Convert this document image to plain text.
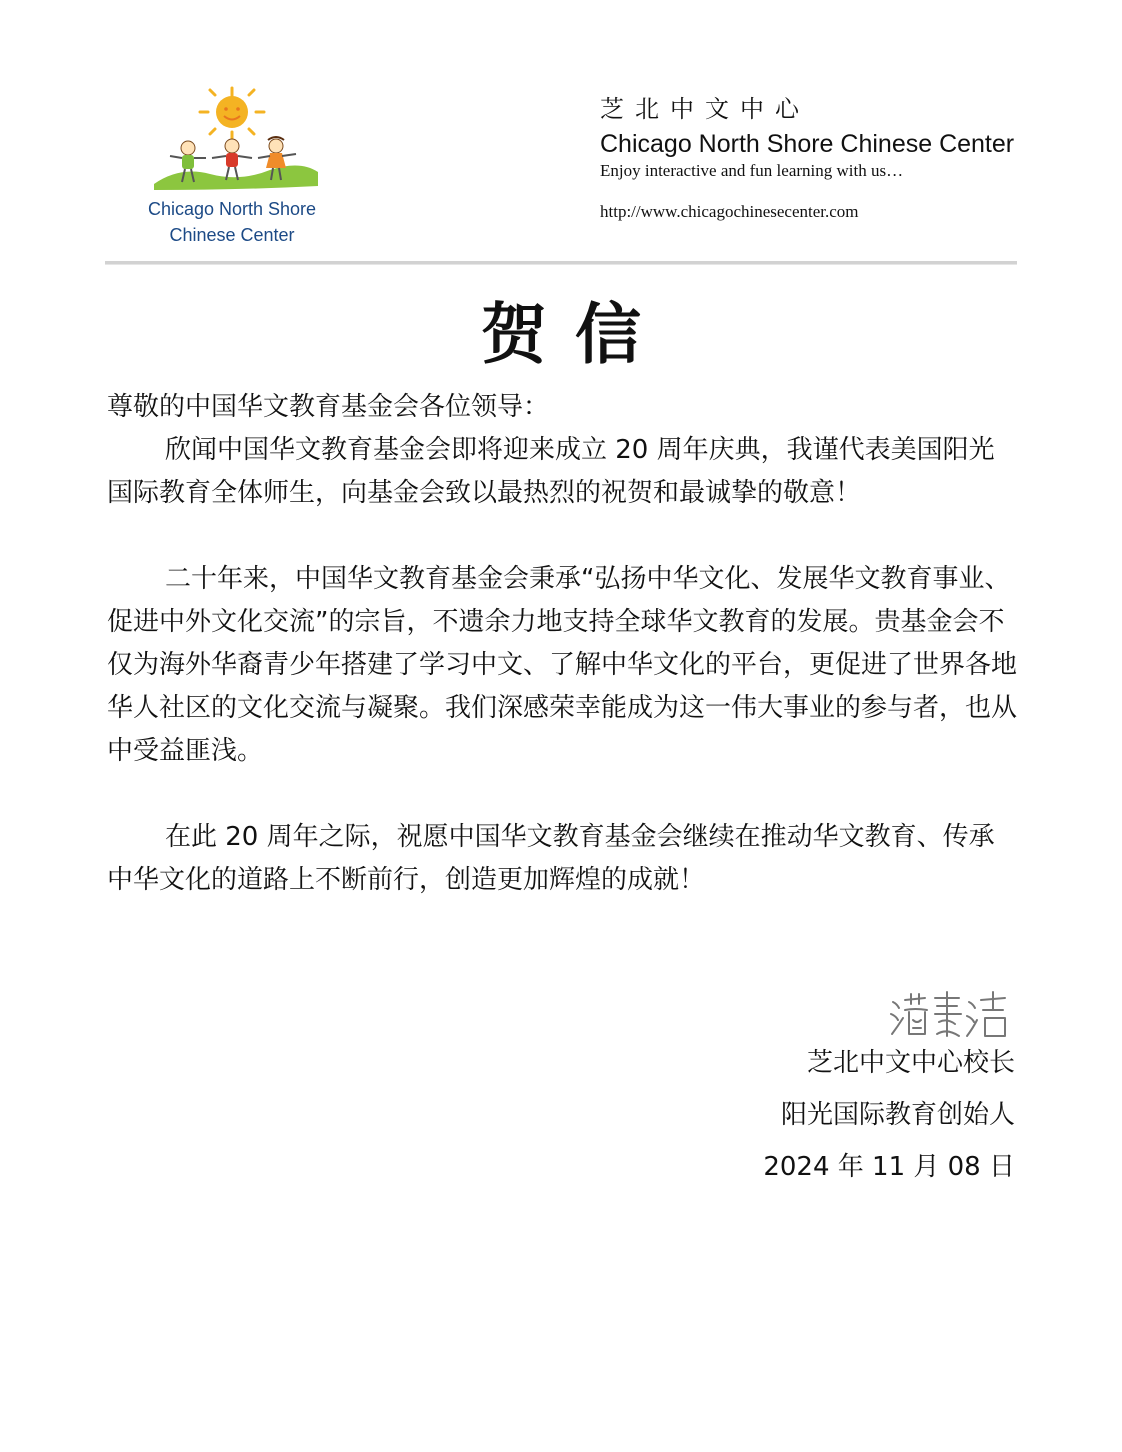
Chicago North Shore
Chinese Center
芝北中文中心
Chicago North Shore Chinese Center
Enjoy interactive and fun learning with us…
http://www.chicagochinesecenter.com
贺信

尊敬的中国华文教育基金会各位领导：

欣闻中国华文教育基金会即将迎来成立 20 周年庆典，我谨代表美国阳光国际教育全体师生，向基金会致以最热烈的祝贺和最诚挚的敬意！

二十年来，中国华文教育基金会秉承“弘扬中华文化、发展华文教育事业、促进中外文化交流”的宗旨，不遗余力地支持全球华文教育的发展。贵基金会不仅为海外华裔青少年搭建了学习中文、了解中华文化的平台，更促进了世界各地华人社区的文化交流与凝聚。我们深感荣幸能成为这一伟大事业的参与者，也从中受益匪浅。

在此 20 周年之际，祝愿中国华文教育基金会继续在推动华文教育、传承中华文化的道路上不断前行，创造更加辉煌的成就！

芝北中文中心校长
阳光国际教育创始人
2024 年 11 月 08 日
